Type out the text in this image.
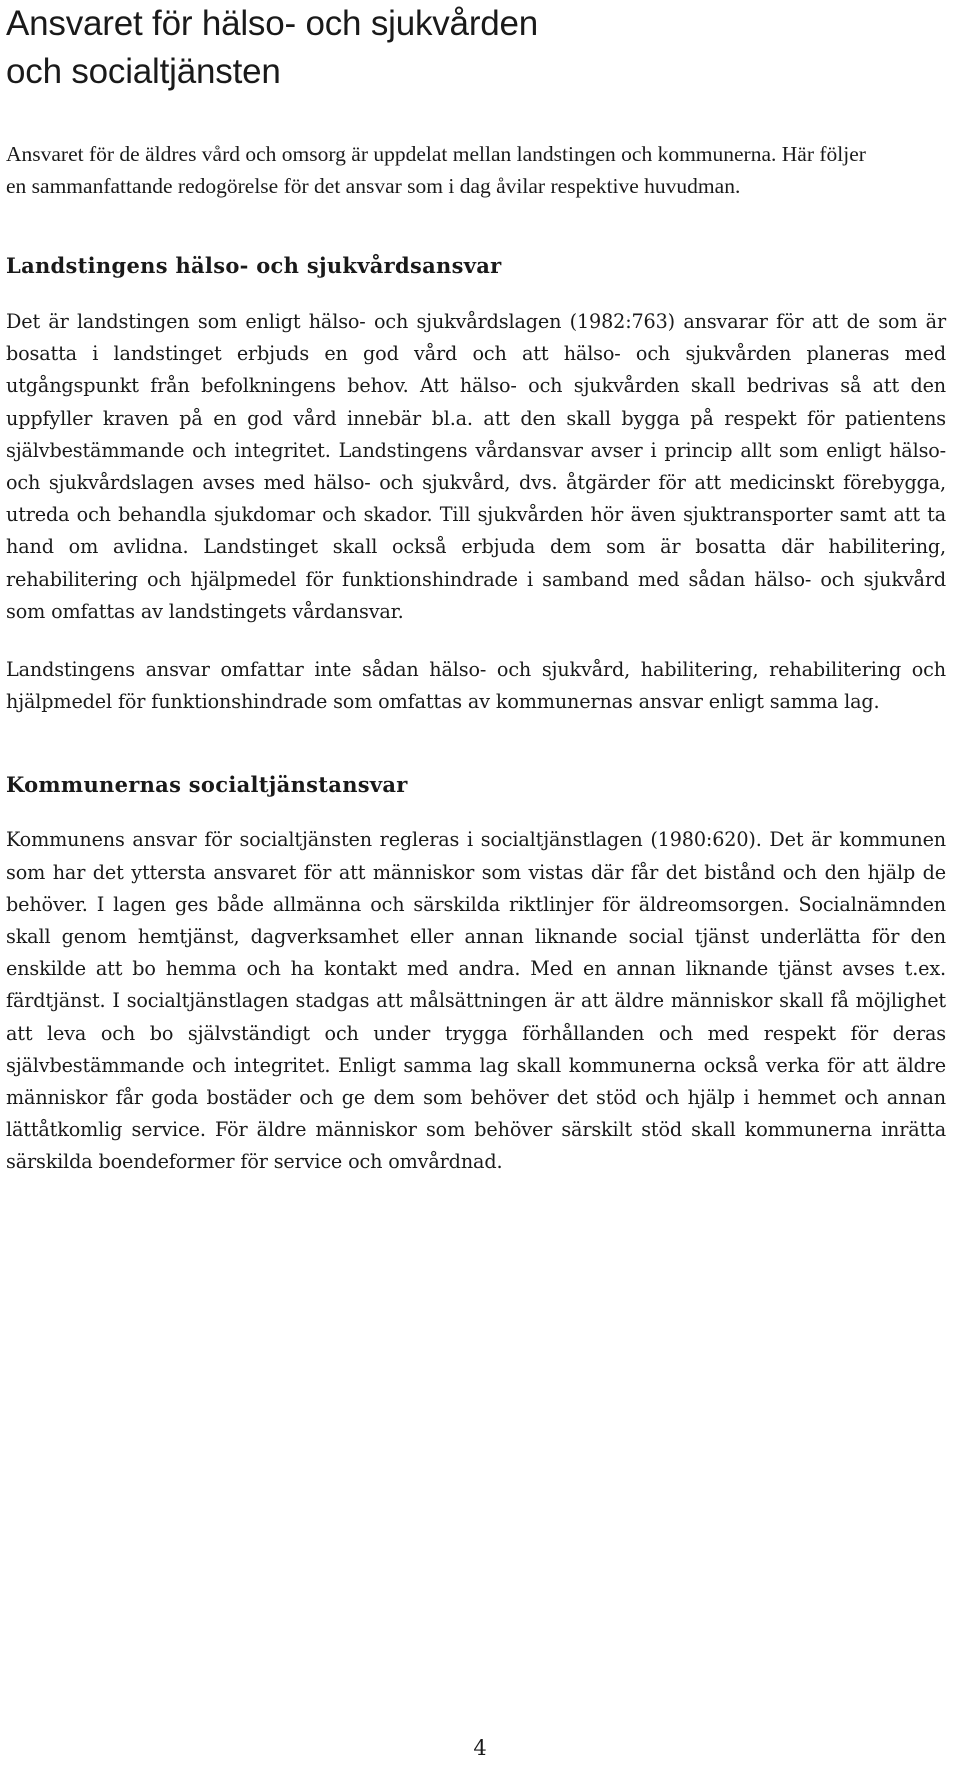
Ansvaret för hälso- och sjukvården
och socialtjänsten

Ansvaret för de äldres vård och omsorg är uppdelat mellan landstingen och kommunerna. Här följer en sammanfattande redogörelse för det ansvar som i dag åvilar respektive huvudman.

Landstingens hälso- och sjukvårdsansvar

Det är landstingen som enligt hälso- och sjukvårdslagen (1982:763) ansvarar för att de som är bosatta i landstinget erbjuds en god vård och att hälso- och sjukvården planeras med utgångspunkt från befolkningens behov. Att hälso- och sjukvården skall bedrivas så att den uppfyller kraven på en god vård innebär bl.a. att den skall bygga på respekt för patientens självbestämmande och integritet. Landstingens vårdansvar avser i princip allt som enligt hälso- och sjukvårdslagen avses med hälso- och sjukvård, dvs. åtgärder för att medicinskt förebygga, utreda och behandla sjukdomar och skador. Till sjukvården hör även sjuktransporter samt att ta hand om avlidna. Landstinget skall också erbjuda dem som är bosatta där habilitering, rehabilitering och hjälpmedel för funktionshindrade i samband med sådan hälso- och sjukvård som omfattas av landstingets vårdansvar.

Landstingens ansvar omfattar inte sådan hälso- och sjukvård, habilitering, rehabilitering och hjälpmedel för funktionshindrade som omfattas av kommunernas ansvar enligt samma lag.

Kommunernas socialtjänstansvar

Kommunens ansvar för socialtjänsten regleras i socialtjänstlagen (1980:620). Det är kommunen som har det yttersta ansvaret för att människor som vistas där får det bistånd och den hjälp de behöver. I lagen ges både allmänna och särskilda riktlinjer för äldreomsorgen. Socialnämnden skall genom hemtjänst, dagverksamhet eller annan liknande social tjänst underlätta för den enskilde att bo hemma och ha kontakt med andra. Med en annan liknande tjänst avses t.ex. färdtjänst. I socialtjänstlagen stadgas att målsättningen är att äldre människor skall få möjlighet att leva och bo självständigt och under trygga förhållanden och med respekt för deras självbestämmande och integritet. Enligt samma lag skall kommunerna också verka för att äldre människor får goda bostäder och ge dem som behöver det stöd och hjälp i hemmet och annan lättåtkomlig service. För äldre människor som behöver särskilt stöd skall kommunerna inrätta särskilda boendeformer för service och omvårdnad.

4
